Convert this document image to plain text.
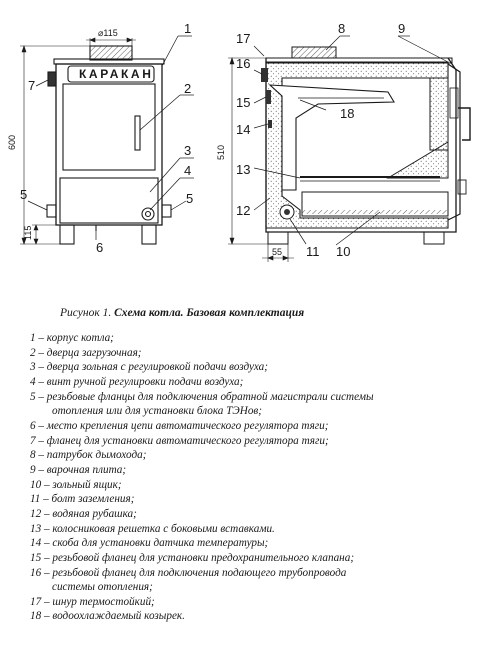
⌀115
600
115
КАРАКАН
510
55
1
2
3
4
5	5
6
7
8	9
10
11
12
13
14
15
16
17
18
Рисунок 1. Схема котла. Базовая комплектация
1 – корпус котла;
2 – дверца загрузочная;
3 – дверца зольная с регулировкой подачи воздуха;
4 – винт ручной регулировки подачи воздуха;
5 – резьбовые фланцы для подключения обратной магистрали системы
отопления или для установки блока ТЭНов;
6 – место крепления цепи автоматического регулятора тяги;
7 – фланец для установки автоматического регулятора тяги;
8 – патрубок дымохода;
9 – варочная плита;
10 – зольный ящик;
11 – болт заземления;
12 – водяная рубашка;
13 – колосниковая решетка с боковыми вставками.
14 – скоба для установки датчика температуры;
15 – резьбовой фланец для установки предохранительного клапана;
16 – резьбовой фланец для подключения подающего трубопровода
системы отопления;
17 – шнур термостойкий;
18 – водоохлаждаемый козырек.
